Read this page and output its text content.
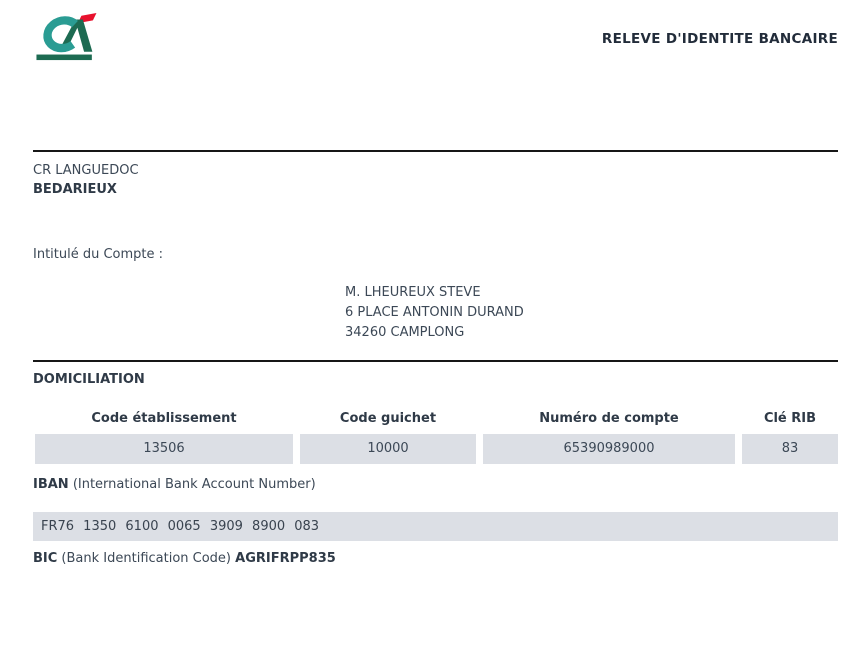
RELEVE D'IDENTITE BANCAIRE
CR LANGUEDOC
BEDARIEUX
Intitulé du Compte :
M. LHEUREUX STEVE
6 PLACE ANTONIN DURAND
34260 CAMPLONG
DOMICILIATION
Code établissement	Code guichet	Numéro de compte	Clé RIB
13506	10000	65390989000	83
IBAN (International Bank Account Number)
FR76 1350 6100 0065 3909 8900 083
BIC (Bank Identification Code) AGRIFRPP835
